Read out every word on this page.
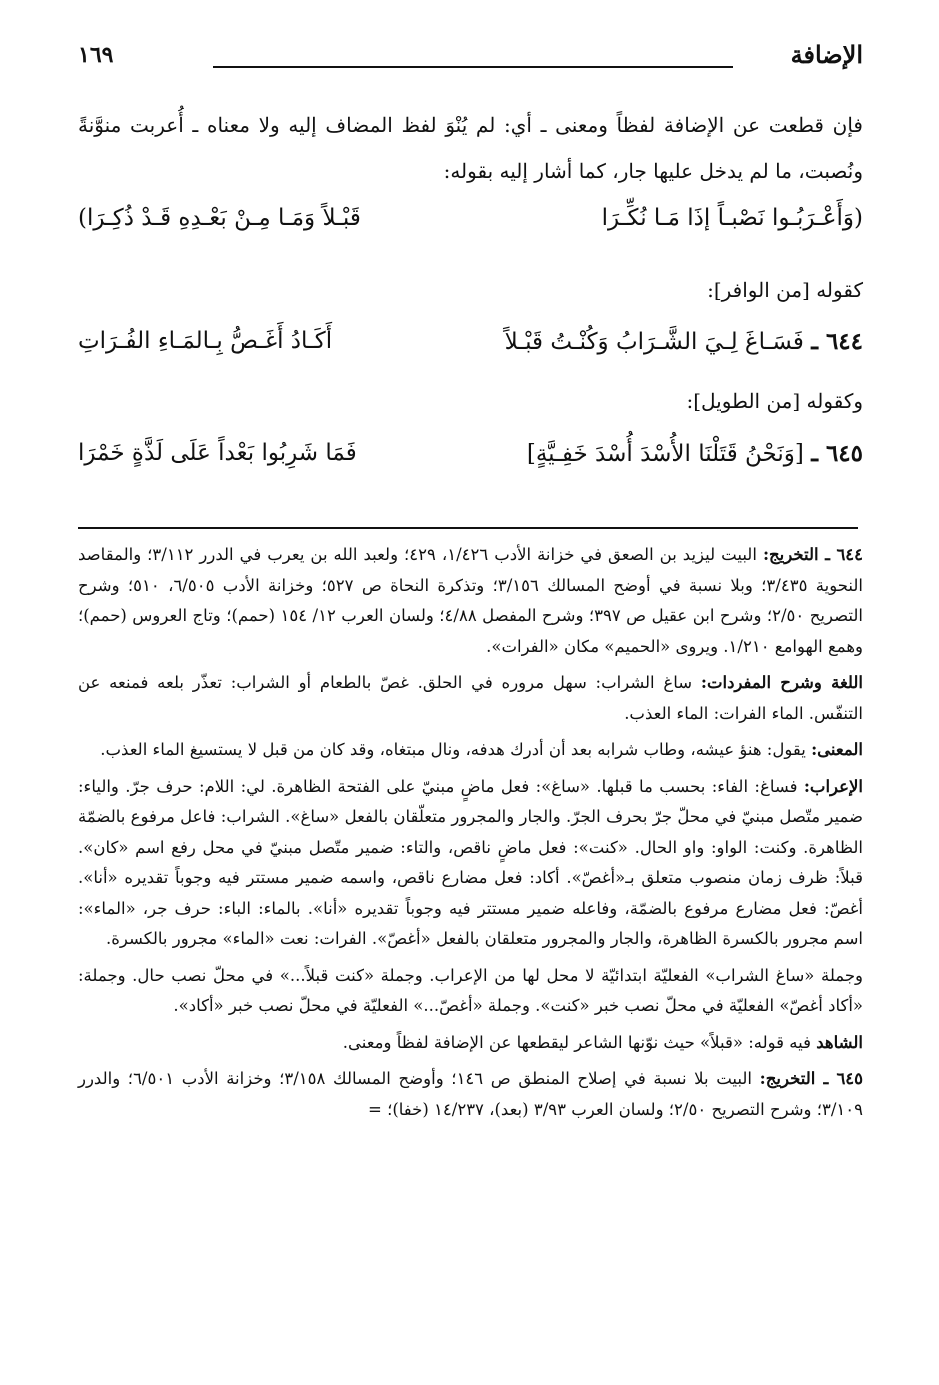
الإضافة
١٦٩

فإن قطعت عن الإضافة لفظاً ومعنى ـ أي: لم يُنْوَ لفظ المضاف إليه ولا معناه ـ أُعربت منوَّنةً ونُصبت، ما لم يدخل عليها جار، كما أشار إليه بقوله:

(وَأَعْـرَبُـوا نَصْبـاً إذَا مَـا نُكِّـرَا
قَبْـلاً وَمَـا مِـنْ بَعْـدِهِ قَـدْ ذُكِـرَا)
كقوله [من الوافر]:
٦٤٤ ـ فَسَـاغَ لِـيَ الشَّـرَابُ وَكُنْـتُ قَبْـلاً
أَكَـادُ أَغَـصُّ بِـالمَـاءِ الفُـرَاتِ
وكقوله [من الطويل]:
٦٤٥ ـ [وَنَحْنُ قَتَلْنَا الأُسْدَ أُسْدَ خَفِـيَّةٍ]
فَمَا شَرِبُوا بَعْداً عَلَى لَذَّةٍ خَمْرَا

٦٤٤ ـ التخريج: البيت ليزيد بن الصعق في خزانة الأدب ١/٤٢٦، ٤٢٩؛ ولعبد الله بن يعرب في الدرر ٣/١١٢؛ والمقاصد النحوية ٣/٤٣٥؛ وبلا نسبة في أوضح المسالك ٣/١٥٦؛ وتذكرة النحاة ص ٥٢٧؛ وخزانة الأدب ٦/٥٠٥، ٥١٠؛ وشرح التصريح ٢/٥٠؛ وشرح ابن عقيل ص ٣٩٧؛ وشرح المفصل ٤/٨٨؛ ولسان العرب ١٢/ ١٥٤ (حمم)؛ وتاج العروس (حمم)؛ وهمع الهوامع ١/٢١٠. ويروى «الحميم» مكان «الفرات».

اللغة وشرح المفردات: ساغ الشراب: سهل مروره في الحلق. غصّ بالطعام أو الشراب: تعذّر بلعه فمنعه عن التنفّس. الماء الفرات: الماء العذب.

المعنى: يقول: هنؤ عيشه، وطاب شرابه بعد أن أدرك هدفه، ونال مبتغاه، وقد كان من قبل لا يستسيغ الماء العذب.

الإعراب: فساغ: الفاء: بحسب ما قبلها. «ساغ»: فعل ماضٍ مبنيّ على الفتحة الظاهرة. لي: اللام: حرف جرّ. والياء: ضمير متّصل مبنيّ في محلّ جرّ بحرف الجرّ. والجار والمجرور متعلّقان بالفعل «ساغ». الشراب: فاعل مرفوع بالضمّة الظاهرة. وكنت: الواو: واو الحال. «كنت»: فعل ماضٍ ناقص، والتاء: ضمير متّصل مبنيّ في محل رفع اسم «كان». قبلاً: ظرف زمان منصوب متعلق بـ«أغصّ». أكاد: فعل مضارع ناقص، واسمه ضمير مستتر فيه وجوباً تقديره «أنا». أغصّ: فعل مضارع مرفوع بالضمّة، وفاعله ضمير مستتر فيه وجوباً تقديره «أنا». بالماء: الباء: حرف جر، «الماء»: اسم مجرور بالكسرة الظاهرة، والجار والمجرور متعلقان بالفعل «أغصّ». الفرات: نعت «الماء» مجرور بالكسرة.

وجملة «ساغ الشراب» الفعليّة ابتدائيّة لا محل لها من الإعراب. وجملة «كنت قبلاً...» في محلّ نصب حال. وجملة: «أكاد أغصّ» الفعليّة في محلّ نصب خبر «كنت». وجملة «أغصّ...» الفعليّة في محلّ نصب خبر «أكاد».

الشاهد فيه قوله: «قبلاً» حيث نوّنها الشاعر ليقطعها عن الإضافة لفظاً ومعنى.

٦٤٥ ـ التخريج: البيت بلا نسبة في إصلاح المنطق ص ١٤٦؛ وأوضح المسالك ٣/١٥٨؛ وخزانة الأدب ٦/٥٠١؛ والدرر ٣/١٠٩؛ وشرح التصريح ٢/٥٠؛ ولسان العرب ٣/٩٣ (بعد)، ١٤/٢٣٧ (خفا)؛ =
